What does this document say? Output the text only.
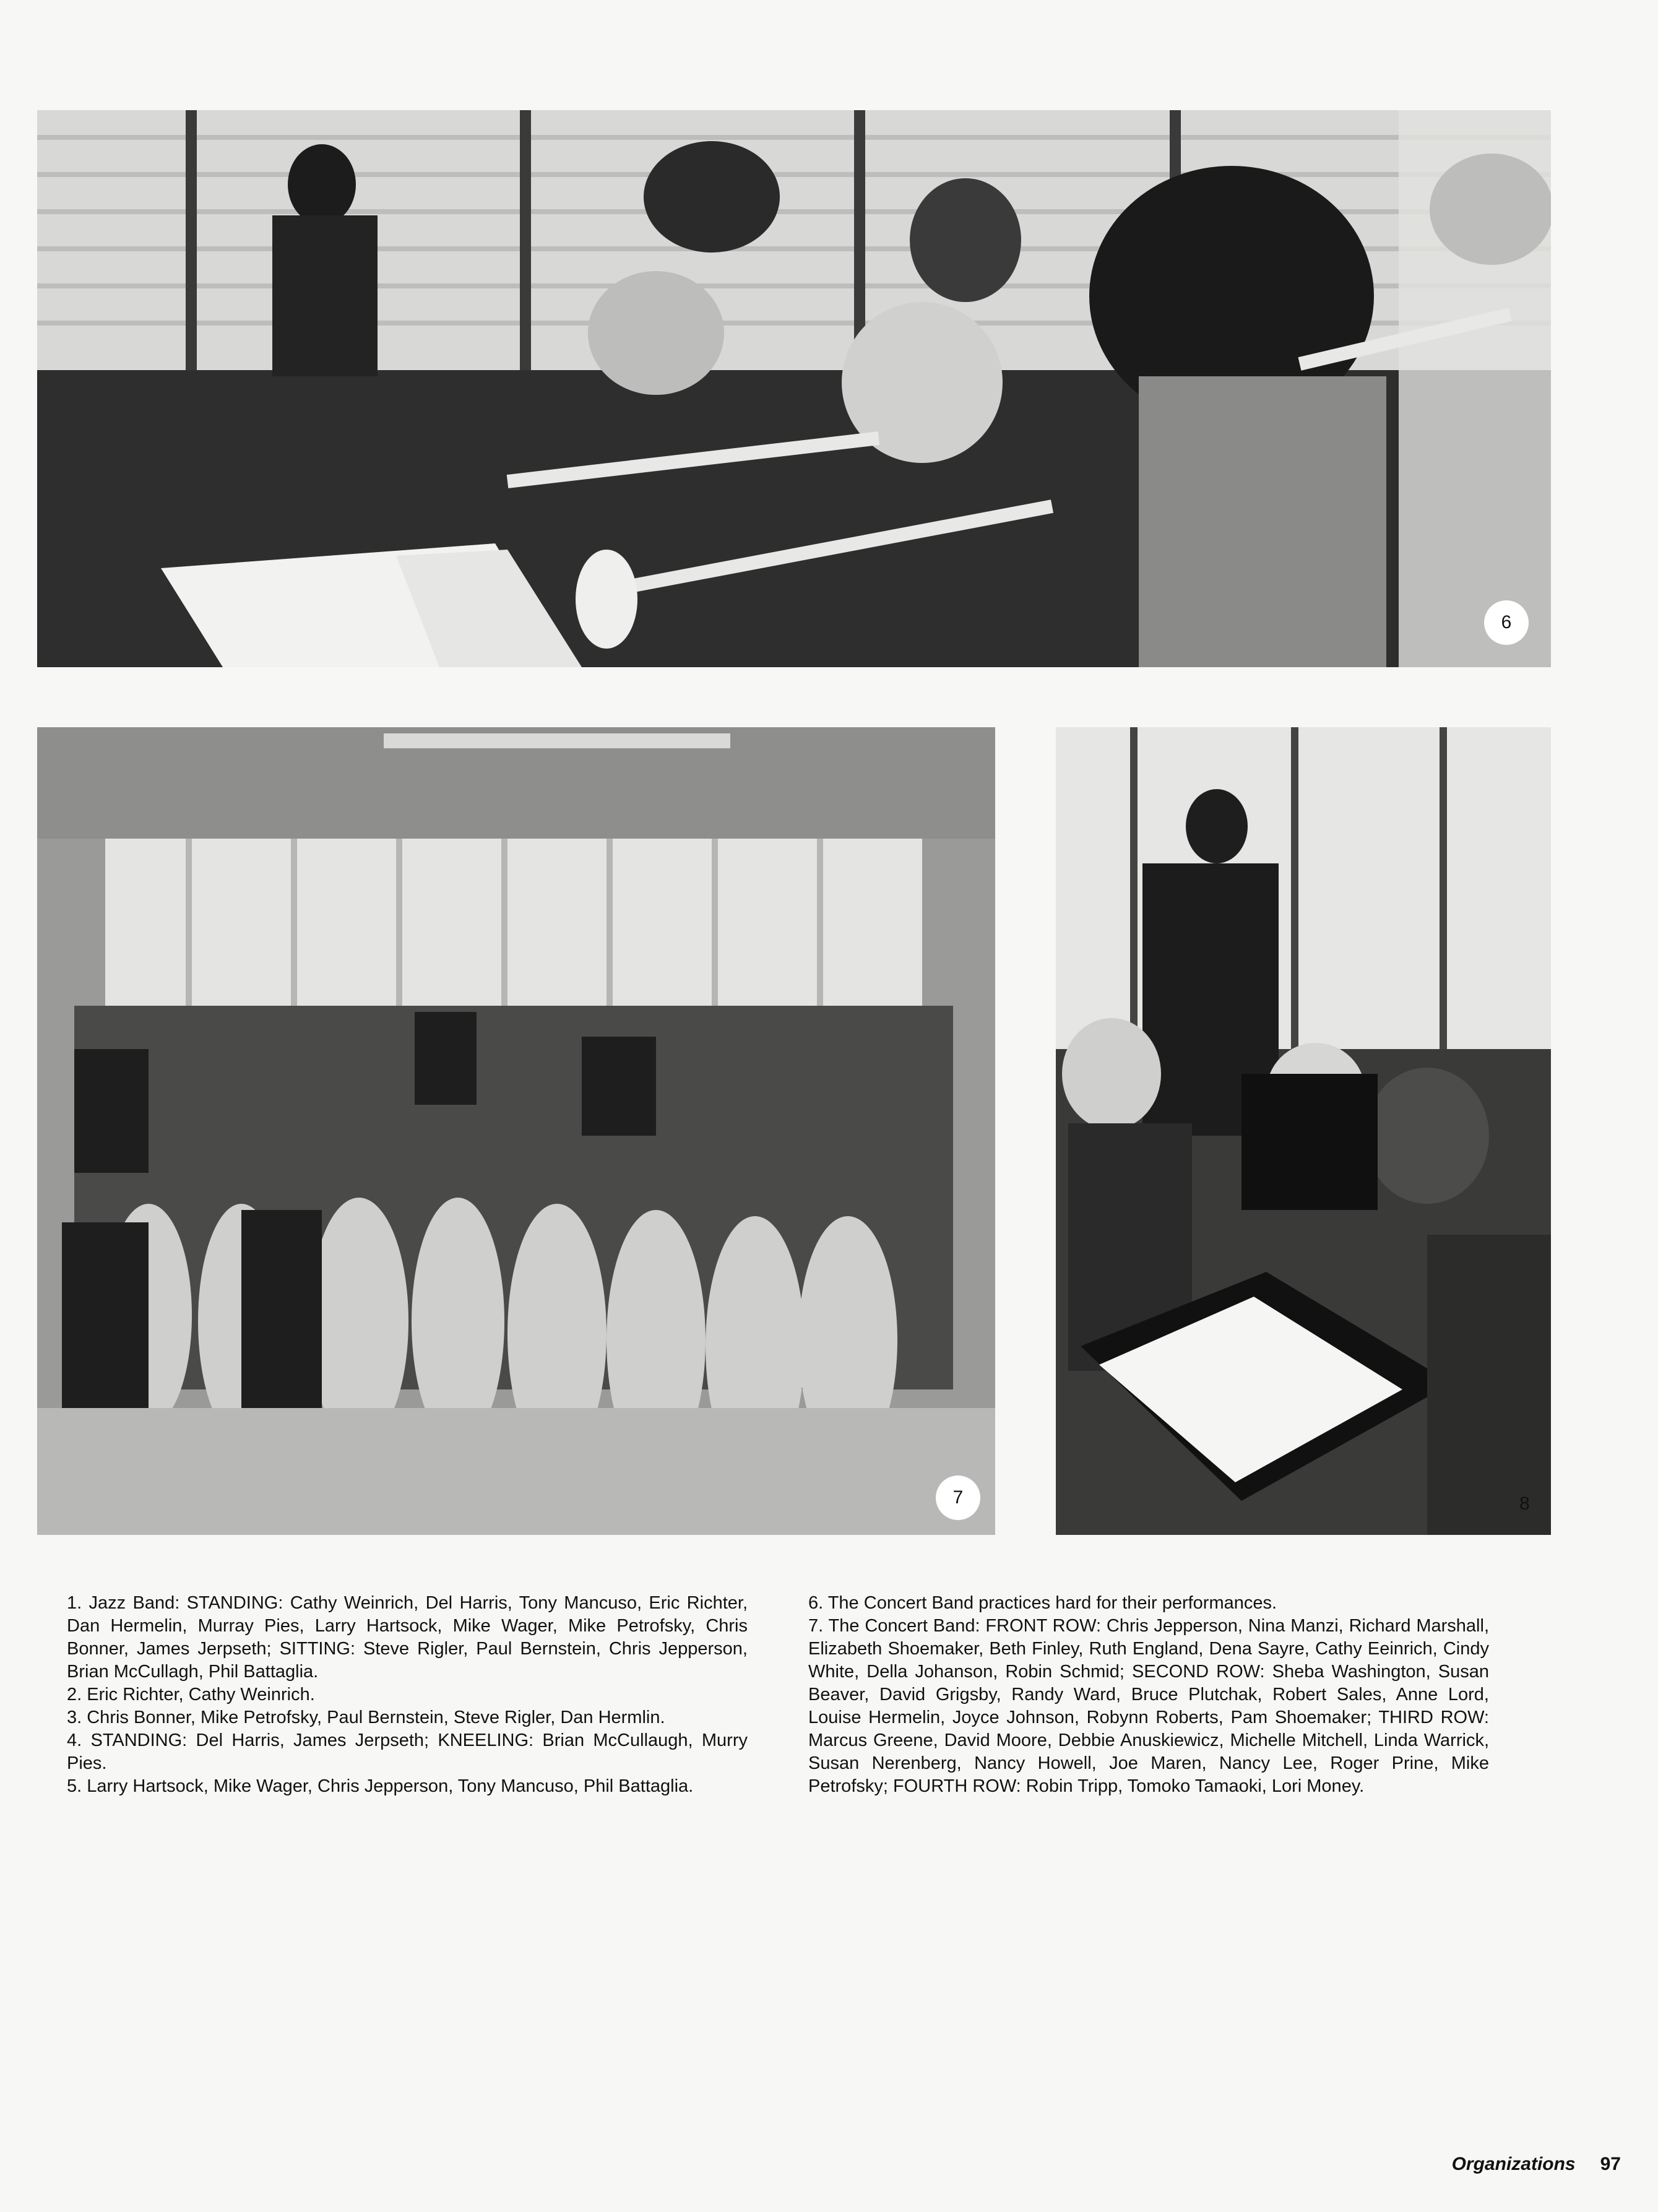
6
7	8

1. Jazz Band: STANDING: Cathy Weinrich, Del Harris, Tony Mancuso, Eric Richter, Dan Hermelin, Murray Pies, Larry Hartsock, Mike Wager, Mike Petrofsky, Chris Bonner, James Jerpseth; SITTING: Steve Rigler, Paul Bernstein, Chris Jepperson, Brian McCullagh, Phil Battaglia.

2. Eric Richter, Cathy Weinrich.

3. Chris Bonner, Mike Petrofsky, Paul Bernstein, Steve Rigler, Dan Hermlin.

4. STANDING: Del Harris, James Jerpseth; KNEELING: Brian McCullaugh, Murry Pies.

5. Larry Hartsock, Mike Wager, Chris Jepperson, Tony Mancuso, Phil Battaglia.

6. The Concert Band practices hard for their performances.

7. The Concert Band: FRONT ROW: Chris Jepperson, Nina Manzi, Richard Marshall, Elizabeth Shoemaker, Beth Finley, Ruth England, Dena Sayre, Cathy Eeinrich, Cindy White, Della Johanson, Robin Schmid; SECOND ROW: Sheba Washington, Susan Beaver, David Grigsby, Randy Ward, Bruce Plutchak, Robert Sales, Anne Lord, Louise Hermelin, Joyce Johnson, Robynn Roberts, Pam Shoemaker; THIRD ROW: Marcus Greene, David Moore, Debbie Anuskiewicz, Michelle Mitchell, Linda Warrick, Susan Nerenberg, Nancy Howell, Joe Maren, Nancy Lee, Roger Prine, Mike Petrofsky; FOURTH ROW: Robin Tripp, Tomoko Tamaoki, Lori Money.

Organizations 97
